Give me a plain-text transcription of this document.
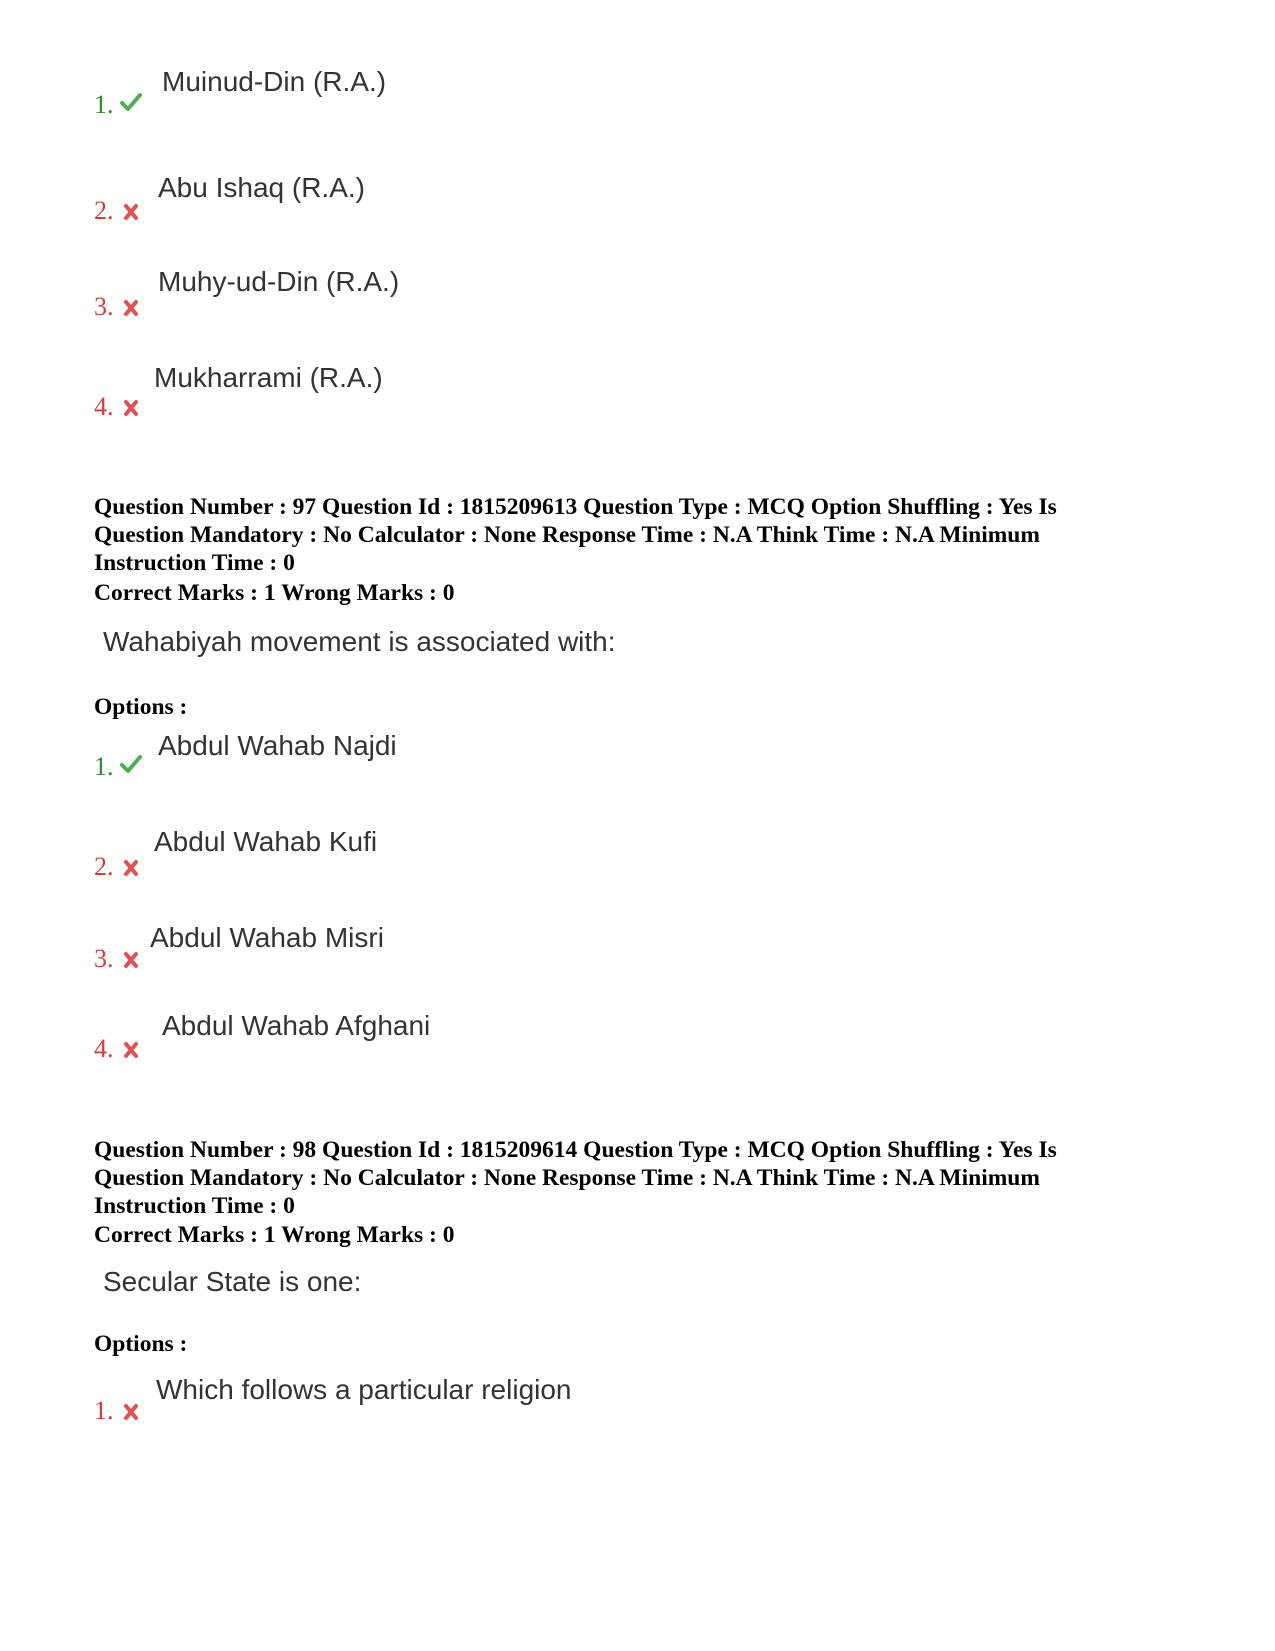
1.
Muinud-Din (R.A.)
2.
Abu Ishaq (R.A.)
3.
Muhy-ud-Din (R.A.)
4.
Mukharrami (R.A.)
Question Number : 97 Question Id : 1815209613 Question Type : MCQ Option Shuffling : Yes Is Question Mandatory : No Calculator : None Response Time : N.A Think Time : N.A Minimum Instruction Time : 0
Correct Marks : 1 Wrong Marks : 0
Wahabiyah movement is associated with:
Options :
1.
Abdul Wahab Najdi
2.
Abdul Wahab Kufi
3.
Abdul Wahab Misri
4.
Abdul Wahab Afghani
Question Number : 98 Question Id : 1815209614 Question Type : MCQ Option Shuffling : Yes Is Question Mandatory : No Calculator : None Response Time : N.A Think Time : N.A Minimum Instruction Time : 0
Correct Marks : 1 Wrong Marks : 0
Secular State is one:
Options :
1.
Which follows a particular religion
